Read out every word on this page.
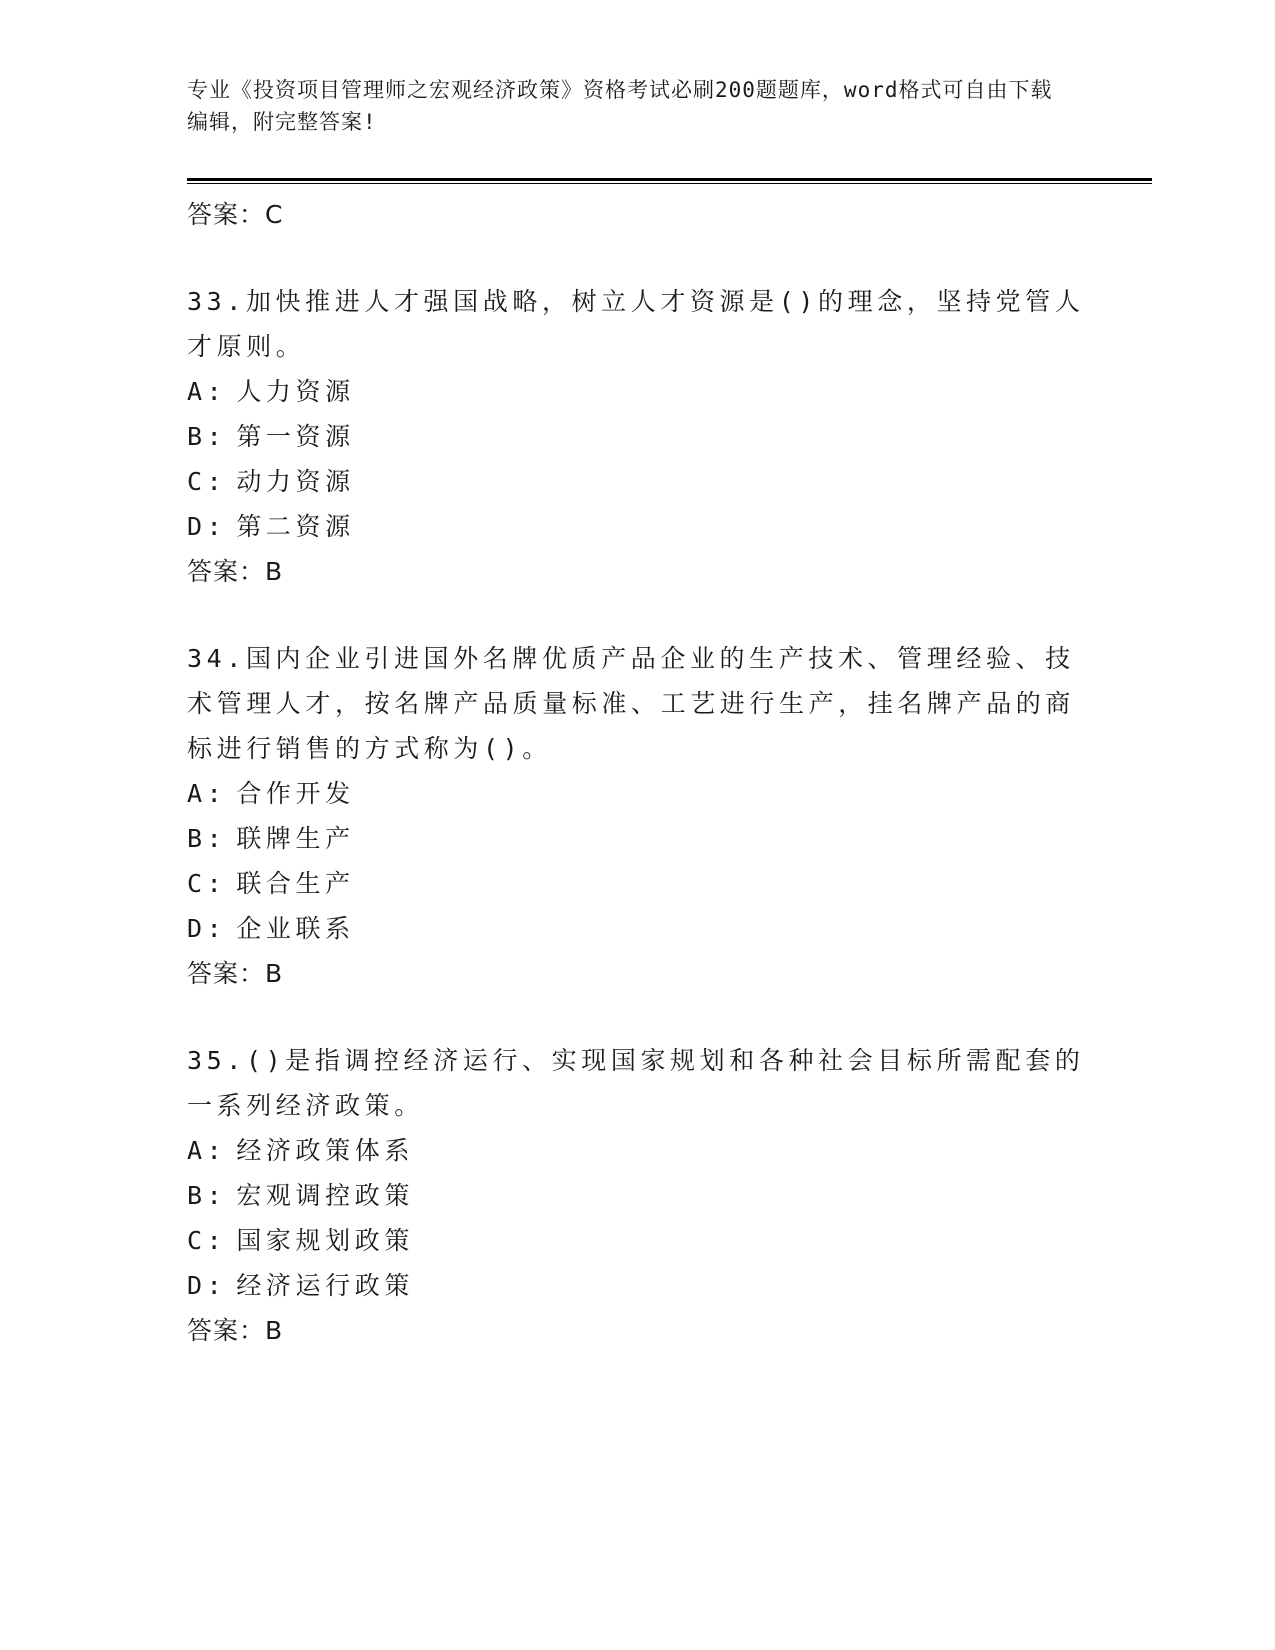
专业《投资项目管理师之宏观经济政策》资格考试必刷200题题库，word格式可自由下载编辑，附完整答案!

答案：C

33.加快推进人才强国战略，树立人才资源是()的理念，坚持党管人才原则。

A: 人力资源

B: 第一资源

C: 动力资源

D: 第二资源

答案：B

34.国内企业引进国外名牌优质产品企业的生产技术、管理经验、技术管理人才，按名牌产品质量标准、工艺进行生产，挂名牌产品的商标进行销售的方式称为()。

A: 合作开发

B: 联牌生产

C: 联合生产

D: 企业联系

答案：B

35.()是指调控经济运行、实现国家规划和各种社会目标所需配套的一系列经济政策。

A: 经济政策体系

B: 宏观调控政策

C: 国家规划政策

D: 经济运行政策

答案：B
